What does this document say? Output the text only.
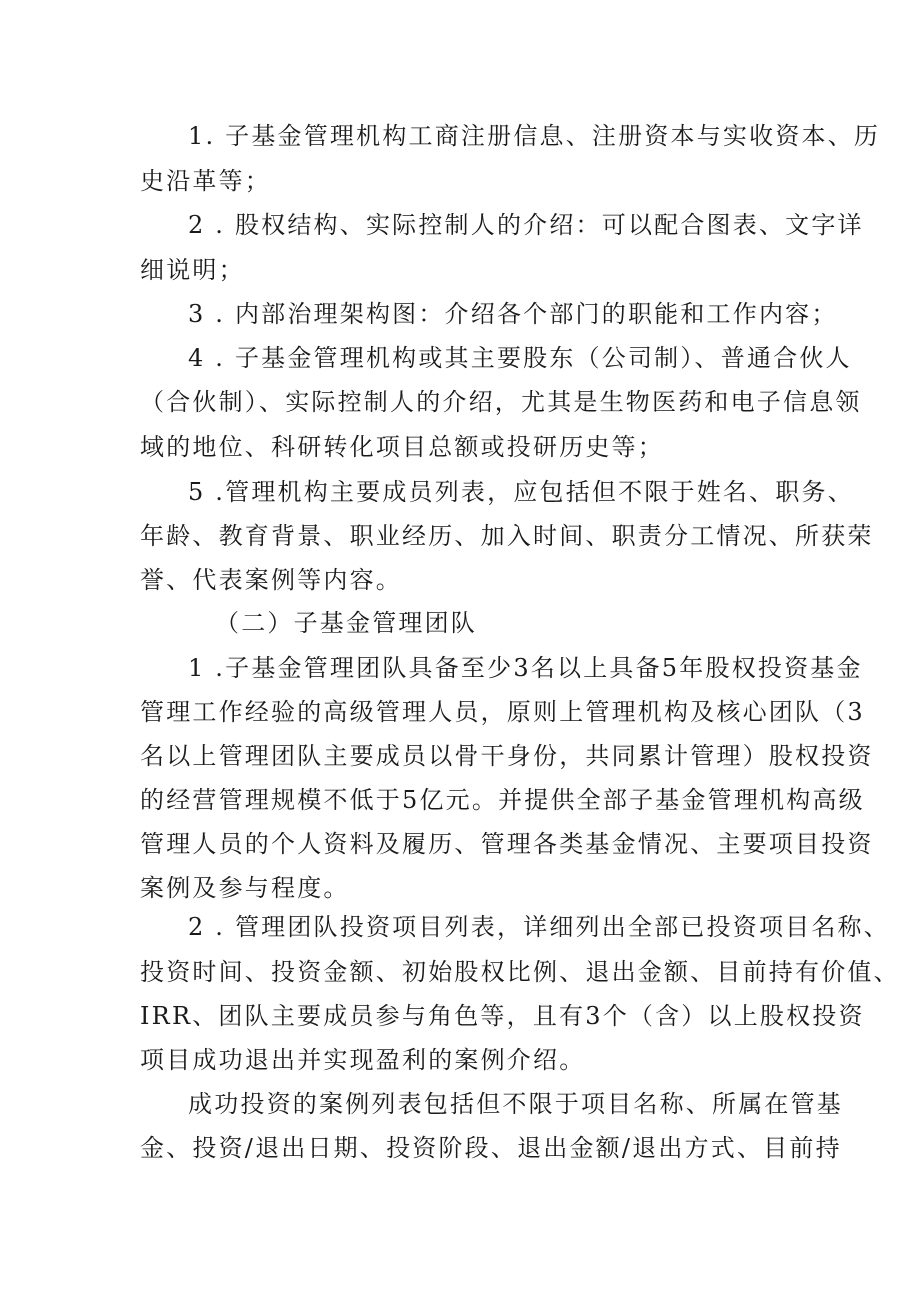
1. 子基金管理机构工商注册信息、注册资本与实收资本、历
史沿革等；
2 . 股权结构、实际控制人的介绍：可以配合图表、文字详
细说明；
3 . 内部治理架构图：介绍各个部门的职能和工作内容；
4 . 子基金管理机构或其主要股东（公司制）、普通合伙人
（合伙制）、实际控制人的介绍，尤其是生物医药和电子信息领
域的地位、科研转化项目总额或投研历史等；
5 .管理机构主要成员列表，应包括但不限于姓名、职务、
年龄、教育背景、职业经历、加入时间、职责分工情况、所获荣
誉、代表案例等内容。
（二）子基金管理团队
1 .子基金管理团队具备至少3名以上具备5年股权投资基金
管理工作经验的高级管理人员，原则上管理机构及核心团队（3
名以上管理团队主要成员以骨干身份，共同累计管理）股权投资
的经营管理规模不低于5亿元。并提供全部子基金管理机构高级
管理人员的个人资料及履历、管理各类基金情况、主要项目投资
案例及参与程度。
2 . 管理团队投资项目列表，详细列出全部已投资项目名称、
投资时间、投资金额、初始股权比例、退出金额、目前持有价值、
IRR、团队主要成员参与角色等，且有3个（含）以上股权投资
项目成功退出并实现盈利的案例介绍。
成功投资的案例列表包括但不限于项目名称、所属在管基
金、投资/退出日期、投资阶段、退出金额/退出方式、目前持
